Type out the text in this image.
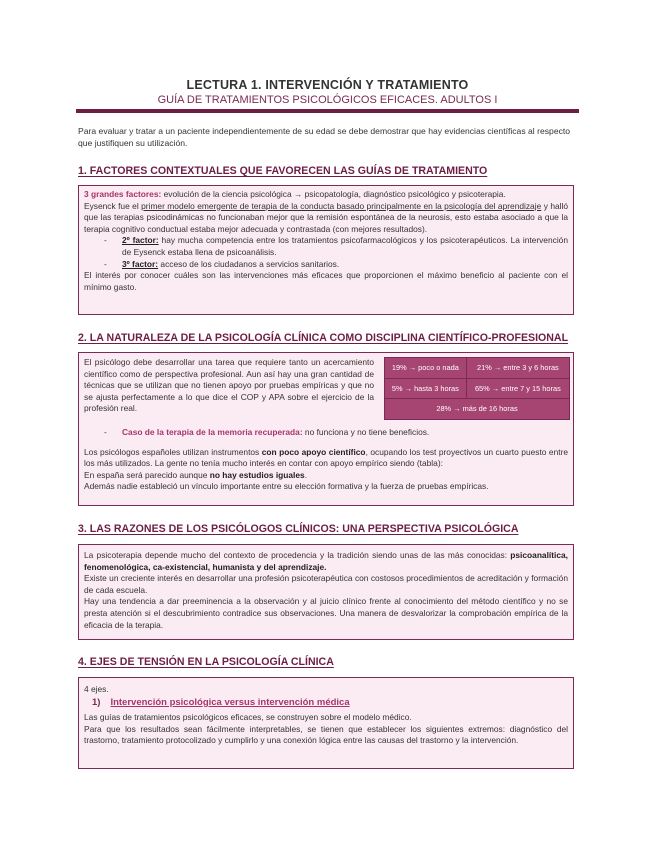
LECTURA 1. INTERVENCIÓN Y TRATAMIENTO
GUÍA DE TRATAMIENTOS PSICOLÓGICOS EFICACES. ADULTOS I
Para evaluar y tratar a un paciente independientemente de su edad se debe demostrar que hay evidencias científicas al respecto que justifiquen su utilización.
1. FACTORES CONTEXTUALES QUE FAVORECEN LAS GUÍAS DE TRATAMIENTO

3 grandes factores: evolución de la ciencia psicológica → psicopatología, diagnóstico psicológico y psicoterapia.

Eysenck fue el primer modelo emergente de terapia de la conducta basado principalmente en la psicología del aprendizaje y halló que las terapias psicodinámicas no funcionaban mejor que la remisión espontánea de la neurosis, esto estaba asociado a que la terapia cognitivo conductual estaba mejor adecuada y contrastada (con mejores resultados).

- 2º factor: hay mucha competencia entre los tratamientos psicofarmacológicos y los psicoterapéuticos. La intervención de Eysenck estaba llena de psicoanálisis.

- 3º factor: acceso de los ciudadanos a servicios sanitarios.

El interés por conocer cuáles son las intervenciones más eficaces que proporcionen el máximo beneficio al paciente con el mínimo gasto.

2. LA NATURALEZA DE LA PSICOLOGÍA CLÍNICA COMO DISCIPLINA CIENTÍFICO-PROFESIONAL

El psicólogo debe desarrollar una tarea que requiere tanto un acercamiento científico como de perspectiva profesional. Aun así hay una gran cantidad de técnicas que se utilizan que no tienen apoyo por pruebas empíricas y que no se ajusta perfectamente a lo que dice el COP y APA sobre el ejercicio de la profesión real.

19% → poco o nada	21% → entre 3 y 6 horas
5% → hasta 3 horas	65% → entre 7 y 15 horas
28% → más de 16 horas	

- Caso de la terapia de la memoria recuperada: no funciona y no tiene beneficios.

Los psicólogos españoles utilizan instrumentos con poco apoyo científico, ocupando los test proyectivos un cuarto puesto entre los más utilizados. La gente no tenía mucho interés en contar con apoyo empírico siendo (tabla):

En españa será parecido aunque no hay estudios iguales.

Además nadie estableció un vínculo importante entre su elección formativa y la fuerza de pruebas empíricas.

3. LAS RAZONES DE LOS PSICÓLOGOS CLÍNICOS: UNA PERSPECTIVA PSICOLÓGICA

La psicoterapia depende mucho del contexto de procedencia y la tradición siendo unas de las más conocidas: psicoanalítica, fenomenológica, ca-existencial, humanista y del aprendizaje.

Existe un creciente interés en desarrollar una profesión psicoterapéutica con costosos procedimientos de acreditación y formación de cada escuela.

Hay una tendencia a dar preeminencia a la observación y al juicio clínico frente al conocimiento del método científico y no se presta atención si el descubrimiento contradice sus observaciones. Una manera de desvalorizar la comprobación empírica de la eficacia de la terapia.

4. EJES DE TENSIÓN EN LA PSICOLOGÍA CLÍNICA

4 ejes.

1) Intervención psicológica versus intervención médica

Las guías de tratamientos psicológicos eficaces, se construyen sobre el modelo médico.

Para que los resultados sean fácilmente interpretables, se tienen que establecer los siguientes extremos: diagnóstico del trastorno, tratamiento protocolizado y cumplirlo y una conexión lógica entre las causas del trastorno y la intervención.
